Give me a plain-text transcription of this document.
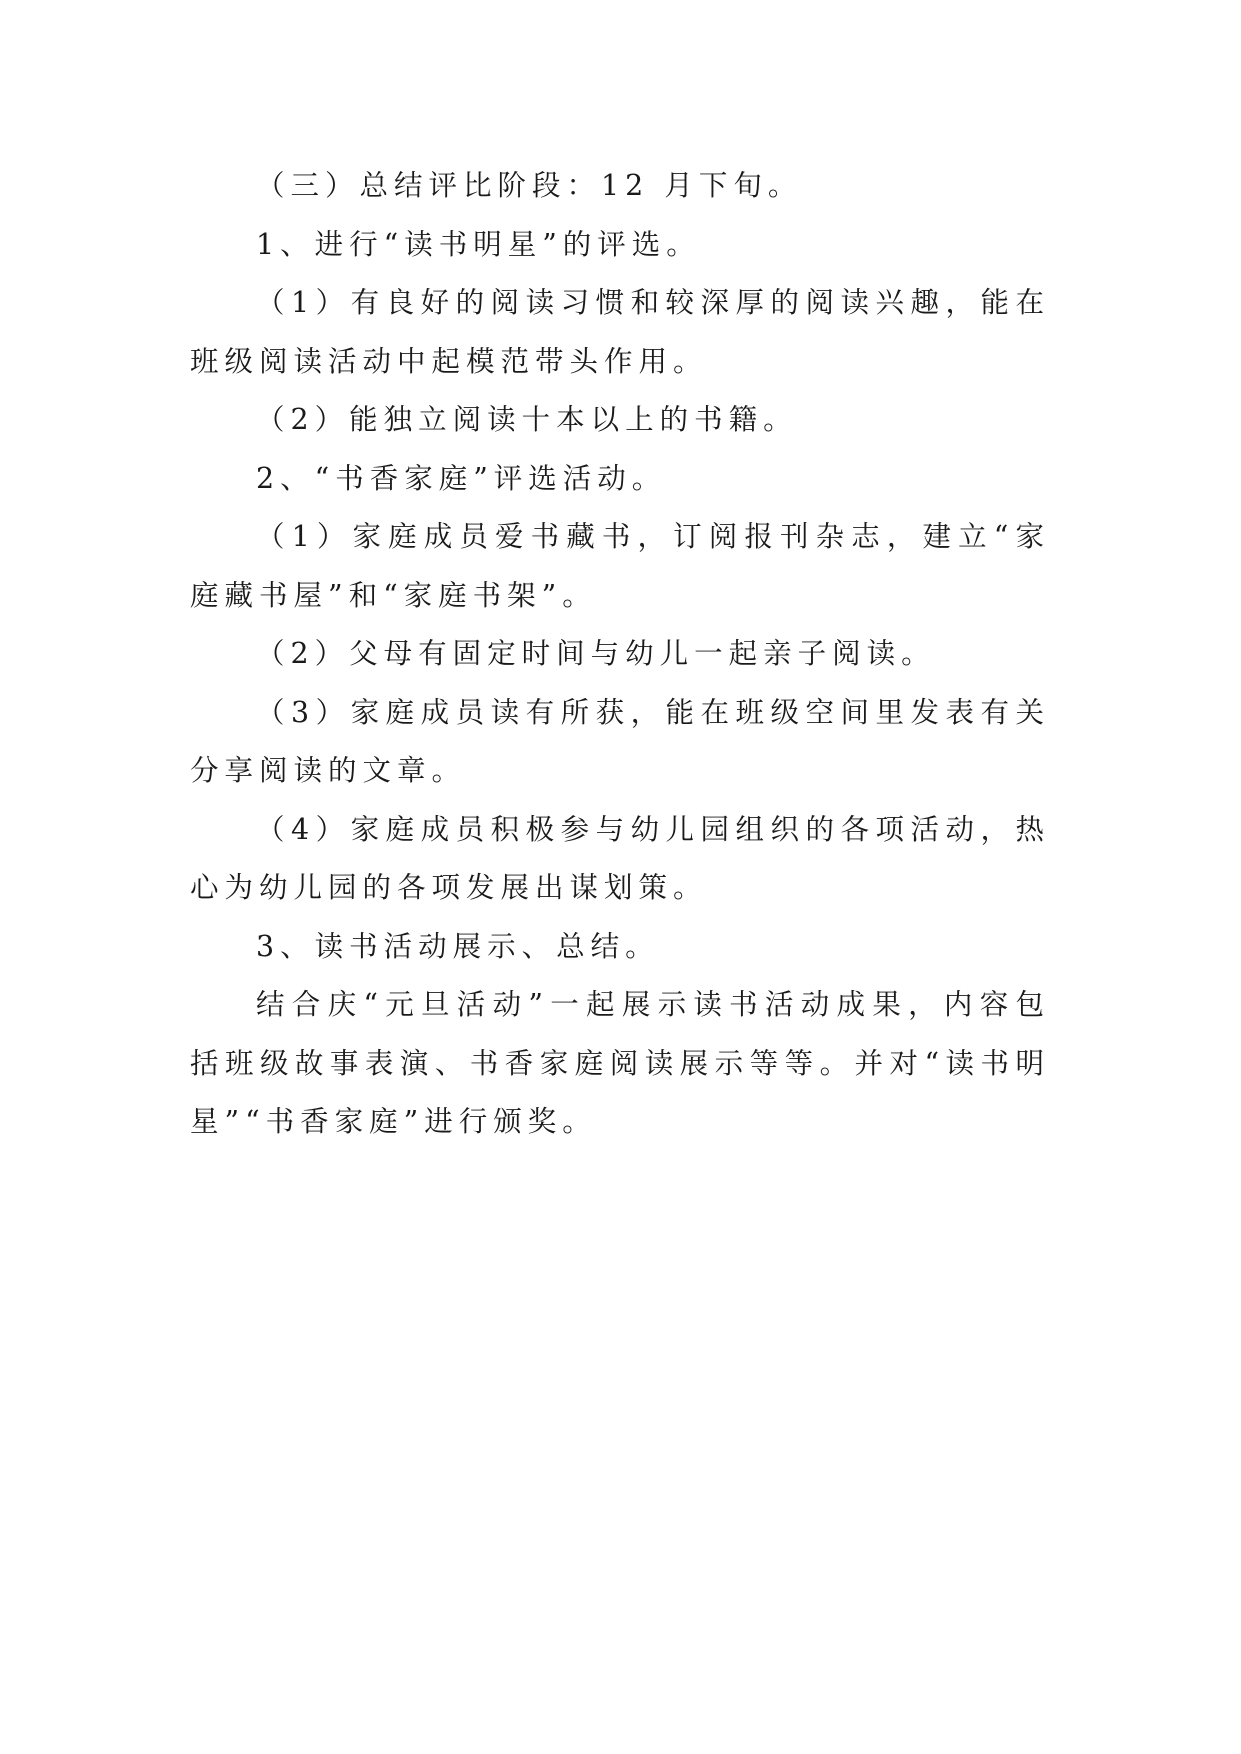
（三）总结评比阶段：12 月下旬。

1、进行“读书明星”的评选。

（1）有良好的阅读习惯和较深厚的阅读兴趣，能在班级阅读活动中起模范带头作用。

（2）能独立阅读十本以上的书籍。

2、“书香家庭”评选活动。

（1）家庭成员爱书藏书，订阅报刊杂志，建立“家庭藏书屋”和“家庭书架”。

（2）父母有固定时间与幼儿一起亲子阅读。

（3）家庭成员读有所获，能在班级空间里发表有关分享阅读的文章。

（4）家庭成员积极参与幼儿园组织的各项活动，热心为幼儿园的各项发展出谋划策。

3、读书活动展示、总结。

结合庆“元旦活动”一起展示读书活动成果，内容包括班级故事表演、书香家庭阅读展示等等。并对“读书明星”“书香家庭”进行颁奖。
